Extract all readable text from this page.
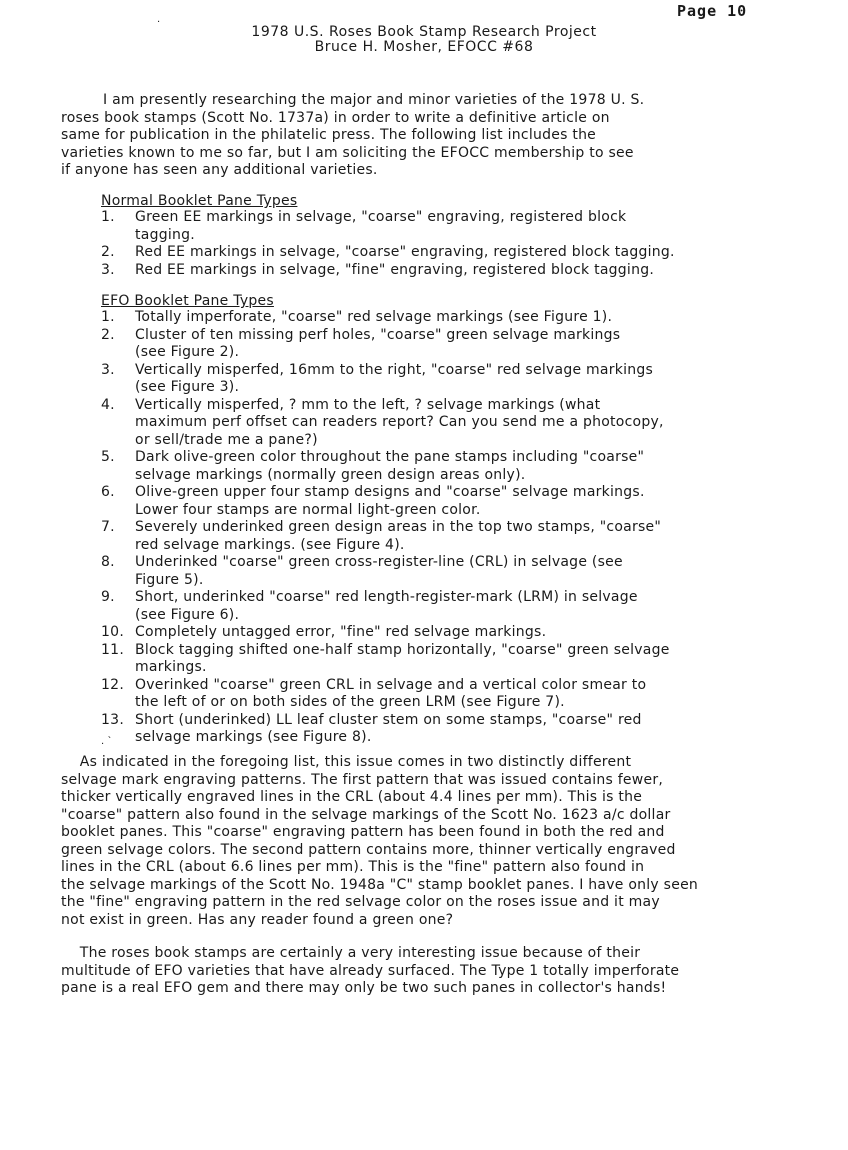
Page 10
.
1978 U.S. Roses Book Stamp Research Project
Bruce H. Mosher, EFOCC #68

I am presently researching the major and minor varieties of the 1978 U. S.
roses book stamps (Scott No. 1737a) in order to write a definitive article on
same for publication in the philatelic press. The following list includes the
varieties known to me so far, but I am soliciting the EFOCC membership to see
if anyone has seen any additional varieties.

Normal Booklet Pane Types
1. Green EE markings in selvage, "coarse" engraving, registered block
tagging.
2. Red EE markings in selvage, "coarse" engraving, registered block tagging.
3. Red EE markings in selvage, "fine" engraving, registered block tagging.
EFO Booklet Pane Types
1. Totally imperforate, "coarse" red selvage markings (see Figure 1).
2. Cluster of ten missing perf holes, "coarse" green selvage markings
(see Figure 2).
3. Vertically misperfed, 16mm to the right, "coarse" red selvage markings
(see Figure 3).
4. Vertically misperfed, ? mm to the left, ? selvage markings (what
maximum perf offset can readers report? Can you send me a photocopy,
or sell/trade me a pane?)
5. Dark olive-green color throughout the pane stamps including "coarse"
selvage markings (normally green design areas only).
6. Olive-green upper four stamp designs and "coarse" selvage markings.
Lower four stamps are normal light-green color.
7. Severely underinked green design areas in the top two stamps, "coarse"
red selvage markings. (see Figure 4).
8. Underinked "coarse" green cross-register-line (CRL) in selvage (see
Figure 5).
9. Short, underinked "coarse" red length-register-mark (LRM) in selvage
(see Figure 6).
10. Completely untagged error, "fine" red selvage markings.
11. Block tagging shifted one-half stamp horizontally, "coarse" green selvage
markings.
12. Overinked "coarse" green CRL in selvage and a vertical color smear to
the left of or on both sides of the green LRM (see Figure 7).
13. Short (underinked) LL leaf cluster stem on some stamps, "coarse" red
selvage markings (see Figure 8).
. `

As indicated in the foregoing list, this issue comes in two distinctly different
selvage mark engraving patterns. The first pattern that was issued contains fewer,
thicker vertically engraved lines in the CRL (about 4.4 lines per mm). This is the
"coarse" pattern also found in the selvage markings of the Scott No. 1623 a/c dollar
booklet panes. This "coarse" engraving pattern has been found in both the red and
green selvage colors. The second pattern contains more, thinner vertically engraved
lines in the CRL (about 6.6 lines per mm). This is the "fine" pattern also found in
the selvage markings of the Scott No. 1948a "C" stamp booklet panes. I have only seen
the "fine" engraving pattern in the red selvage color on the roses issue and it may
not exist in green. Has any reader found a green one?

The roses book stamps are certainly a very interesting issue because of their
multitude of EFO varieties that have already surfaced. The Type 1 totally imperforate
pane is a real EFO gem and there may only be two such panes in collector's hands!
